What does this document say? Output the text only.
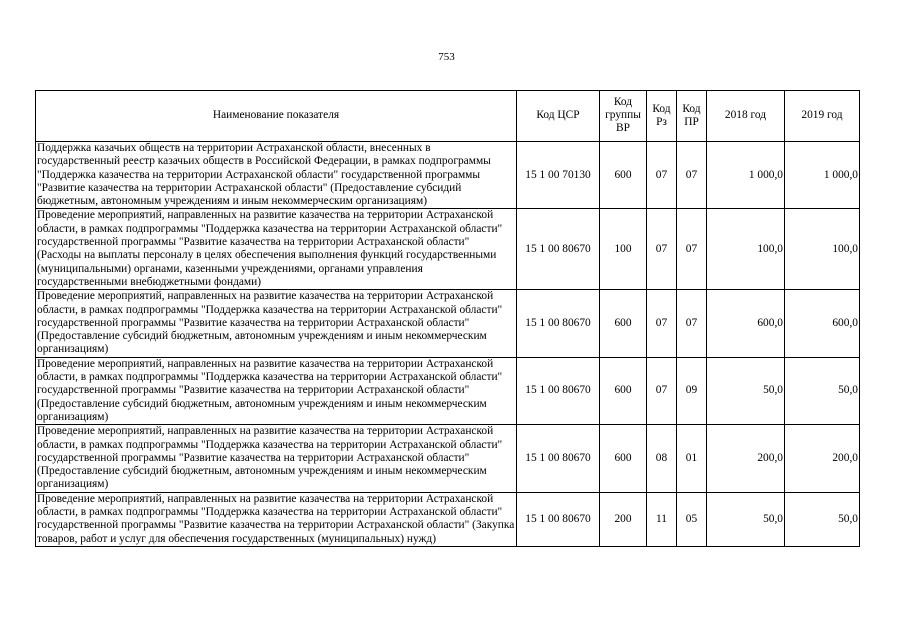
753
Наименование показателя	Код ЦСР	Код группы ВР	Код Рз	Код ПР	2018 год	2019 год
Поддержка казачьих обществ на территории Астраханской области, внесенных в государственный реестр казачьих обществ в Российской Федерации, в рамках подпрограммы "Поддержка казачества на территории Астраханской области" государственной программы "Развитие казачества на территории Астраханской области" (Предоставление субсидий бюджетным, автономным учреждениям и иным некоммерческим организациям)	15 1 00 70130	600	07	07	1 000,0	1 000,0
Проведение мероприятий, направленных на развитие казачества на территории Астраханской области, в рамках подпрограммы "Поддержка казачества на территории Астраханской области" государственной программы "Развитие казачества на территории Астраханской области" (Расходы на выплаты персоналу в целях обеспечения выполнения функций государственными (муниципальными) органами, казенными учреждениями, органами управления государственными внебюджетными фондами)	15 1 00 80670	100	07	07	100,0	100,0
Проведение мероприятий, направленных на развитие казачества на территории Астраханской области, в рамках подпрограммы "Поддержка казачества на территории Астраханской области" государственной программы "Развитие казачества на территории Астраханской области" (Предоставление субсидий бюджетным, автономным учреждениям и иным некоммерческим организациям)	15 1 00 80670	600	07	07	600,0	600,0
Проведение мероприятий, направленных на развитие казачества на территории Астраханской области, в рамках подпрограммы "Поддержка казачества на территории Астраханской области" государственной программы "Развитие казачества на территории Астраханской области" (Предоставление субсидий бюджетным, автономным учреждениям и иным некоммерческим организациям)	15 1 00 80670	600	07	09	50,0	50,0
Проведение мероприятий, направленных на развитие казачества на территории Астраханской области, в рамках подпрограммы "Поддержка казачества на территории Астраханской области" государственной программы "Развитие казачества на территории Астраханской области" (Предоставление субсидий бюджетным, автономным учреждениям и иным некоммерческим организациям)	15 1 00 80670	600	08	01	200,0	200,0
Проведение мероприятий, направленных на развитие казачества на территории Астраханской области, в рамках подпрограммы "Поддержка казачества на территории Астраханской области" государственной программы "Развитие казачества на территории Астраханской области" (Закупка товаров, работ и услуг для обеспечения государственных (муниципальных) нужд)	15 1 00 80670	200	11	05	50,0	50,0
